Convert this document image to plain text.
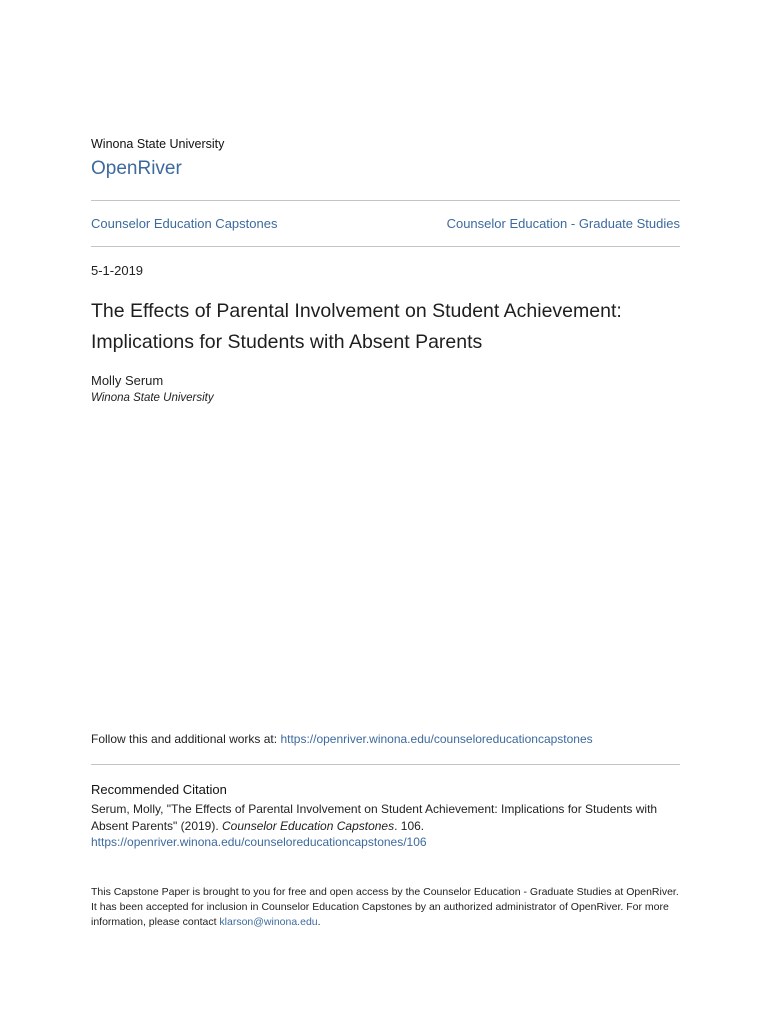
Winona State University
OpenRiver
Counselor Education Capstones	Counselor Education - Graduate Studies
5-1-2019
The Effects of Parental Involvement on Student Achievement:
Implications for Students with Absent Parents
Molly Serum
Winona State University
Follow this and additional works at: https://openriver.winona.edu/counseloreducationcapstones
Recommended Citation

Serum, Molly, "The Effects of Parental Involvement on Student Achievement: Implications for Students with Absent Parents" (2019). Counselor Education Capstones. 106.
https://openriver.winona.edu/counseloreducationcapstones/106

This Capstone Paper is brought to you for free and open access by the Counselor Education - Graduate Studies at OpenRiver. It has been accepted for inclusion in Counselor Education Capstones by an authorized administrator of OpenRiver. For more information, please contact klarson@winona.edu.
